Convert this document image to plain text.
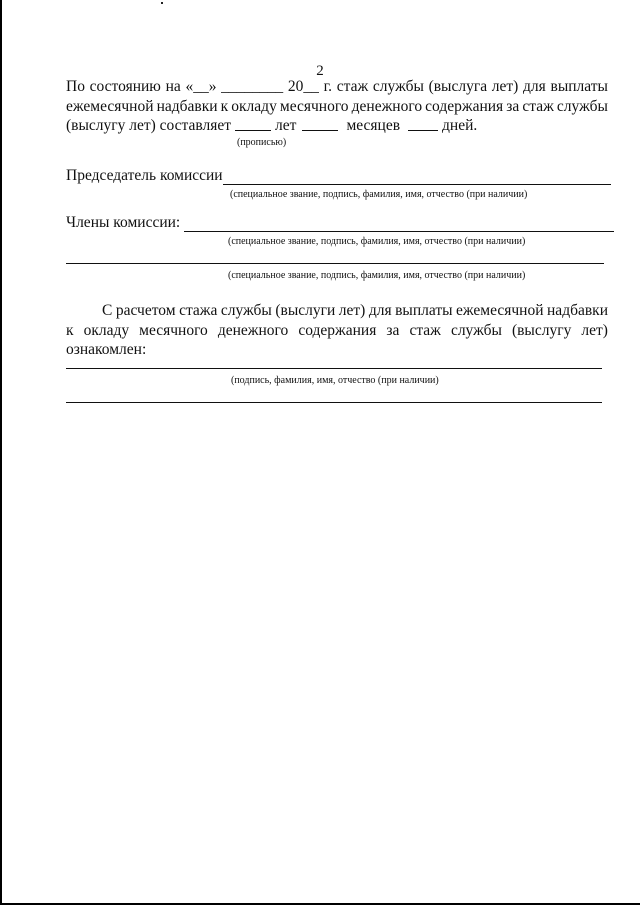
2
По состоянию на «__» ________ 20__ г. стаж службы (выслуга лет) для выплаты
ежемесячной надбавки к окладу месячного денежного содержания за стаж службы
(выслугу лет) составляет	лет	месяцев	дней.
(прописью)
Председатель комиссии
(специальное звание, подпись, фамилия, имя, отчество (при наличии)
Члены комиссии:
(специальное звание, подпись, фамилия, имя, отчество (при наличии)
(специальное звание, подпись, фамилия, имя, отчество (при наличии)
С расчетом стажа службы (выслуги лет) для выплаты ежемесячной надбавки
к окладу месячного денежного содержания за стаж службы (выслугу лет)
ознакомлен:
(подпись, фамилия, имя, отчество (при наличии)
